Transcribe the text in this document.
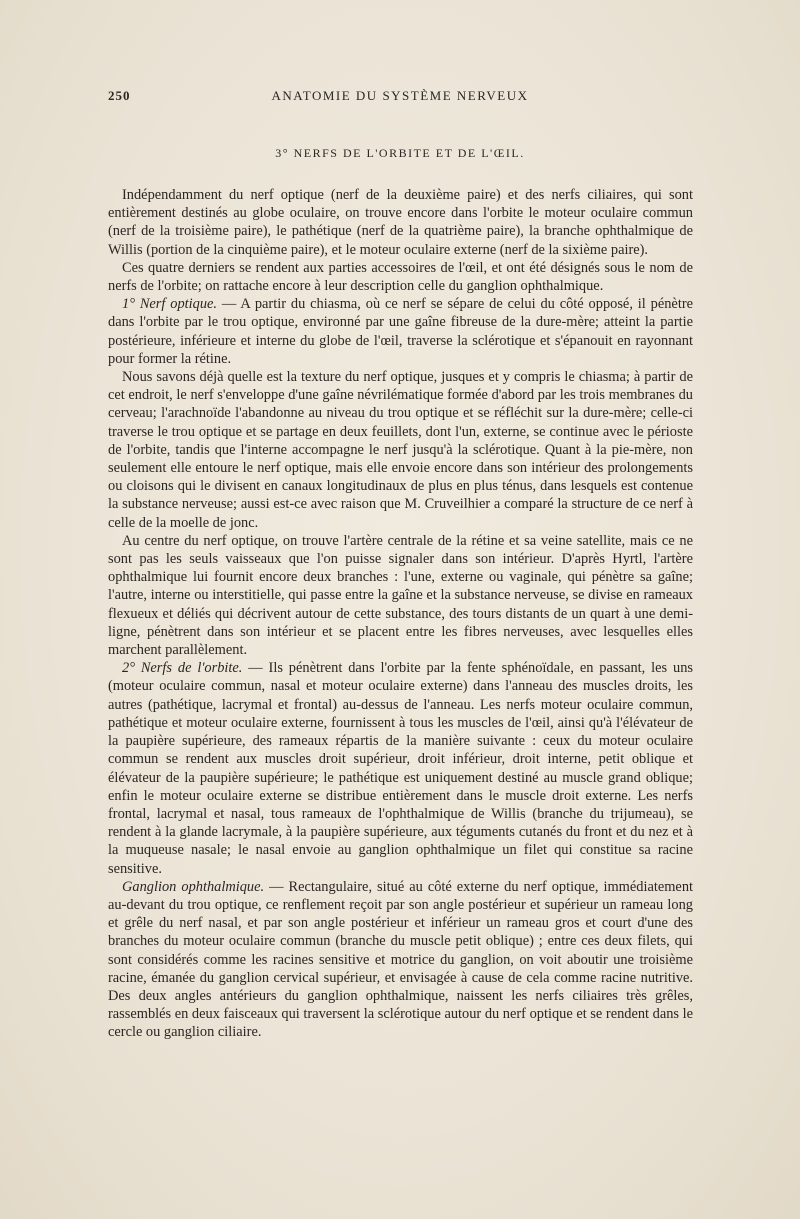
250	ANATOMIE DU SYSTÈME NERVEUX
3° NERFS DE L'ORBITE ET DE L'ŒIL.

Indépendamment du nerf optique (nerf de la deuxième paire) et des nerfs ciliaires, qui sont entièrement destinés au globe oculaire, on trouve encore dans l'orbite le moteur oculaire commun (nerf de la troisième paire), le pathétique (nerf de la quatrième paire), la branche ophthalmique de Willis (portion de la cinquième paire), et le moteur oculaire externe (nerf de la sixième paire).

Ces quatre derniers se rendent aux parties accessoires de l'œil, et ont été désignés sous le nom de nerfs de l'orbite; on rattache encore à leur description celle du ganglion ophthalmique.

1° Nerf optique. — A partir du chiasma, où ce nerf se sépare de celui du côté opposé, il pénètre dans l'orbite par le trou optique, environné par une gaîne fibreuse de la dure-mère; atteint la partie postérieure, inférieure et interne du globe de l'œil, traverse la sclérotique et s'épanouit en rayonnant pour former la rétine.

Nous savons déjà quelle est la texture du nerf optique, jusques et y compris le chiasma; à partir de cet endroit, le nerf s'enveloppe d'une gaîne névrilématique formée d'abord par les trois membranes du cerveau; l'arachnoïde l'abandonne au niveau du trou optique et se réfléchit sur la dure-mère; celle-ci traverse le trou optique et se partage en deux feuillets, dont l'un, externe, se continue avec le périoste de l'orbite, tandis que l'interne accompagne le nerf jusqu'à la sclérotique. Quant à la pie-mère, non seulement elle entoure le nerf optique, mais elle envoie encore dans son intérieur des prolongements ou cloisons qui le divisent en canaux longitudinaux de plus en plus ténus, dans lesquels est contenue la substance nerveuse; aussi est-ce avec raison que M. Cruveilhier a comparé la structure de ce nerf à celle de la moelle de jonc.

Au centre du nerf optique, on trouve l'artère centrale de la rétine et sa veine satellite, mais ce ne sont pas les seuls vaisseaux que l'on puisse signaler dans son intérieur. D'après Hyrtl, l'artère ophthalmique lui fournit encore deux branches : l'une, externe ou vaginale, qui pénètre sa gaîne; l'autre, interne ou interstitielle, qui passe entre la gaîne et la substance nerveuse, se divise en rameaux flexueux et déliés qui décrivent autour de cette substance, des tours distants de un quart à une demi-ligne, pénètrent dans son intérieur et se placent entre les fibres nerveuses, avec lesquelles elles marchent parallèlement.

2° Nerfs de l'orbite. — Ils pénètrent dans l'orbite par la fente sphénoïdale, en passant, les uns (moteur oculaire commun, nasal et moteur oculaire externe) dans l'anneau des muscles droits, les autres (pathétique, lacrymal et frontal) au-dessus de l'anneau. Les nerfs moteur oculaire commun, pathétique et moteur oculaire externe, fournissent à tous les muscles de l'œil, ainsi qu'à l'élévateur de la paupière supérieure, des rameaux répartis de la manière suivante : ceux du moteur oculaire commun se rendent aux muscles droit supérieur, droit inférieur, droit interne, petit oblique et élévateur de la paupière supérieure; le pathétique est uniquement destiné au muscle grand oblique; enfin le moteur oculaire externe se distribue entièrement dans le muscle droit externe. Les nerfs frontal, lacrymal et nasal, tous rameaux de l'ophthalmique de Willis (branche du trijumeau), se rendent à la glande lacrymale, à la paupière supérieure, aux téguments cutanés du front et du nez et à la muqueuse nasale; le nasal envoie au ganglion ophthalmique un filet qui constitue sa racine sensitive.

Ganglion ophthalmique. — Rectangulaire, situé au côté externe du nerf optique, immédiatement au-devant du trou optique, ce renflement reçoit par son angle postérieur et supérieur un rameau long et grêle du nerf nasal, et par son angle postérieur et inférieur un rameau gros et court d'une des branches du moteur oculaire commun (branche du muscle petit oblique) ; entre ces deux filets, qui sont considérés comme les racines sensitive et motrice du ganglion, on voit aboutir une troisième racine, émanée du ganglion cervical supérieur, et envisagée à cause de cela comme racine nutritive. Des deux angles antérieurs du ganglion ophthalmique, naissent les nerfs ciliaires très grêles, rassemblés en deux faisceaux qui traversent la sclérotique autour du nerf optique et se rendent dans le cercle ou ganglion ciliaire.
